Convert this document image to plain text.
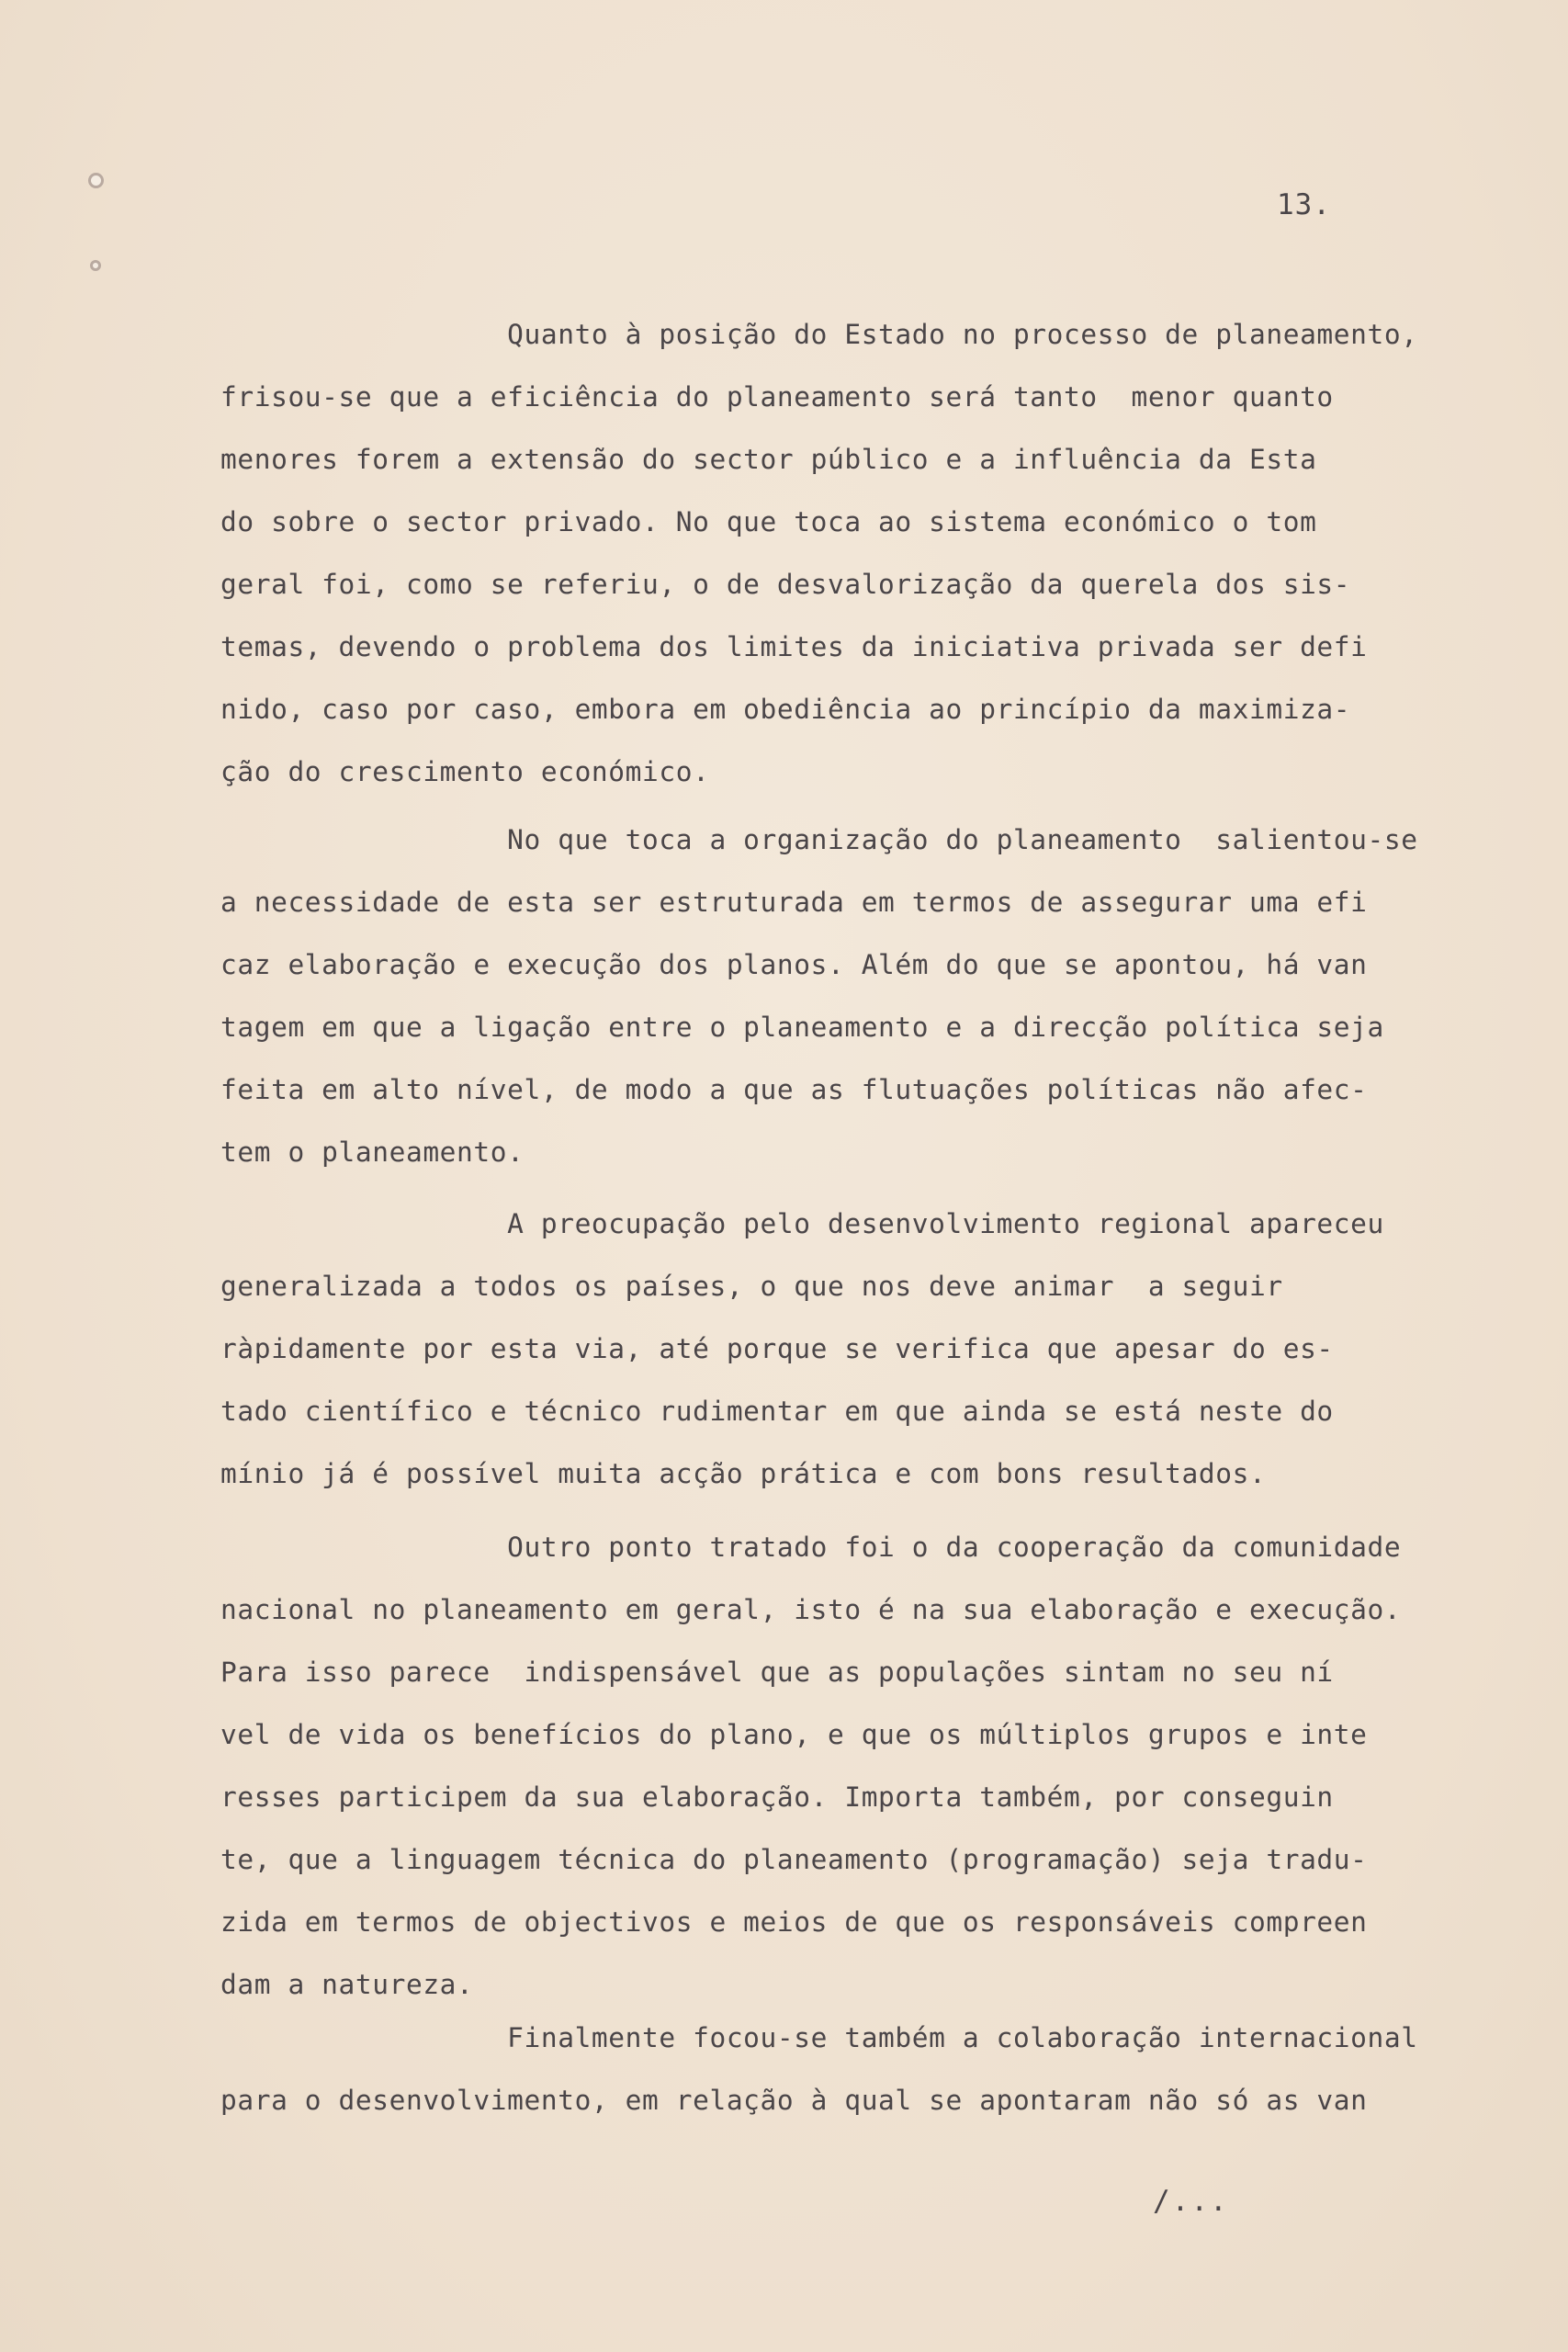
13.
Quanto à posição do Estado no processo de planeamento,
frisou-se que a eficiência do planeamento será tanto  menor quanto
menores forem a extensão do sector público e a influência da Esta
do sobre o sector privado. No que toca ao sistema económico o tom
geral foi, como se referiu, o de desvalorização da querela dos sis-
temas, devendo o problema dos limites da iniciativa privada ser defi
nido, caso por caso, embora em obediência ao princípio da maximiza-
ção do crescimento económico.
No que toca a organização do planeamento  salientou-se
a necessidade de esta ser estruturada em termos de assegurar uma efi
caz elaboração e execução dos planos. Além do que se apontou, há van
tagem em que a ligação entre o planeamento e a direcção política seja
feita em alto nível, de modo a que as flutuações políticas não afec-
tem o planeamento.
A preocupação pelo desenvolvimento regional apareceu
generalizada a todos os países, o que nos deve animar  a seguir
ràpidamente por esta via, até porque se verifica que apesar do es-
tado científico e técnico rudimentar em que ainda se está neste do
mínio já é possível muita acção prática e com bons resultados.
Outro ponto tratado foi o da cooperação da comunidade
nacional no planeamento em geral, isto é na sua elaboração e execução.
Para isso parece  indispensável que as populações sintam no seu ní
vel de vida os benefícios do plano, e que os múltiplos grupos e inte
resses participem da sua elaboração. Importa também, por conseguin
te, que a linguagem técnica do planeamento (programação) seja tradu-
zida em termos de objectivos e meios de que os responsáveis compreen
dam a natureza.
Finalmente focou-se também a colaboração internacional
para o desenvolvimento, em relação à qual se apontaram não só as van
/...
